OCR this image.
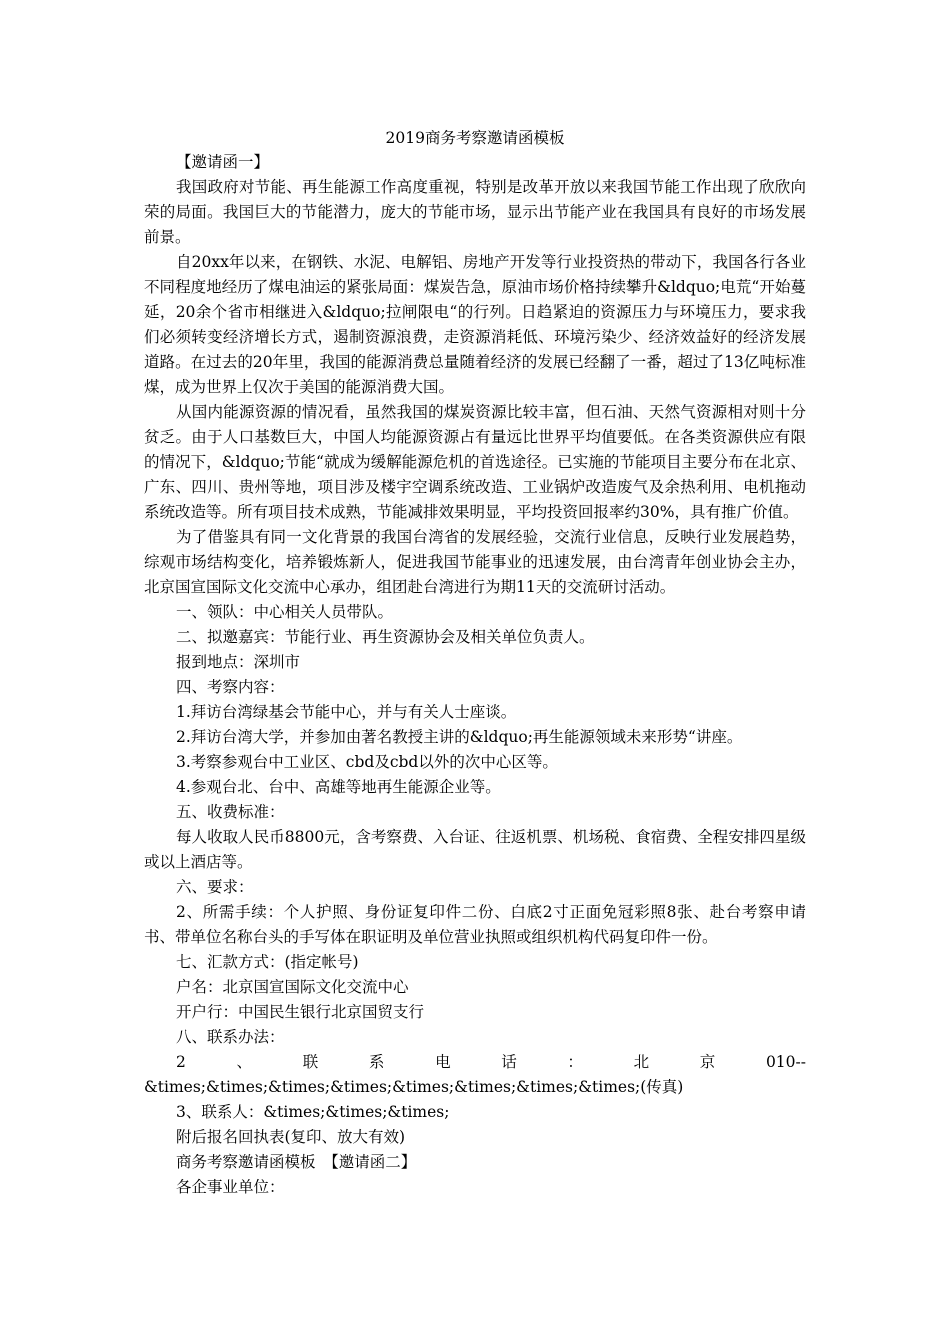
2019商务考察邀请函模板

【邀请函一】

我国政府对节能、再生能源工作高度重视，特别是改革开放以来我国节能工作出现了欣欣向荣的局面。我国巨大的节能潜力，庞大的节能市场，显示出节能产业在我国具有良好的市场发展前景。

自20xx年以来，在钢铁、水泥、电解铝、房地产开发等行业投资热的带动下，我国各行各业不同程度地经历了煤电油运的紧张局面：煤炭告急，原油市场价格持续攀升&ldquo;电荒“开始蔓延，20余个省市相继进入&ldquo;拉闸限电“的行列。日趋紧迫的资源压力与环境压力，要求我们必须转变经济增长方式，遏制资源浪费，走资源消耗低、环境污染少、经济效益好的经济发展道路。在过去的20年里，我国的能源消费总量随着经济的发展已经翻了一番，超过了13亿吨标准煤，成为世界上仅次于美国的能源消费大国。

从国内能源资源的情况看，虽然我国的煤炭资源比较丰富，但石油、天然气资源相对则十分贫乏。由于人口基数巨大，中国人均能源资源占有量远比世界平均值要低。在各类资源供应有限的情况下，&ldquo;节能“就成为缓解能源危机的首选途径。已实施的节能项目主要分布在北京、广东、四川、贵州等地，项目涉及楼宇空调系统改造、工业锅炉改造废气及余热利用、电机拖动系统改造等。所有项目技术成熟，节能减排效果明显，平均投资回报率约30%，具有推广价值。

为了借鉴具有同一文化背景的我国台湾省的发展经验，交流行业信息，反映行业发展趋势，综观市场结构变化，培养锻炼新人，促进我国节能事业的迅速发展，由台湾青年创业协会主办，北京国宣国际文化交流中心承办，组团赴台湾进行为期11天的交流研讨活动。

一、领队：中心相关人员带队。

二、拟邀嘉宾：节能行业、再生资源协会及相关单位负责人。

报到地点：深圳市

四、考察内容：

1.拜访台湾绿基会节能中心，并与有关人士座谈。

2.拜访台湾大学，并参加由著名教授主讲的&ldquo;再生能源领域未来形势“讲座。

3.考察参观台中工业区、cbd及cbd以外的次中心区等。

4.参观台北、台中、高雄等地再生能源企业等。

五、收费标准：

每人收取人民币8800元，含考察费、入台证、往返机票、机场税、食宿费、全程安排四星级或以上酒店等。

六、要求：

2、所需手续：个人护照、身份证复印件二份、白底2寸正面免冠彩照8张、赴台考察申请书、带单位名称台头的手写体在职证明及单位营业执照或组织机构代码复印件一份。

七、汇款方式：(指定帐号)

户名：北京国宣国际文化交流中心

开户行：中国民生银行北京国贸支行

八、联系办法：

2、联系电话：北京010--&times;&times;&times;&times;&times;&times;&times;&times;(传真)

3、联系人：&times;&times;&times;

附后报名回执表(复印、放大有效)

商务考察邀请函模板　【邀请函二】

各企事业单位：
